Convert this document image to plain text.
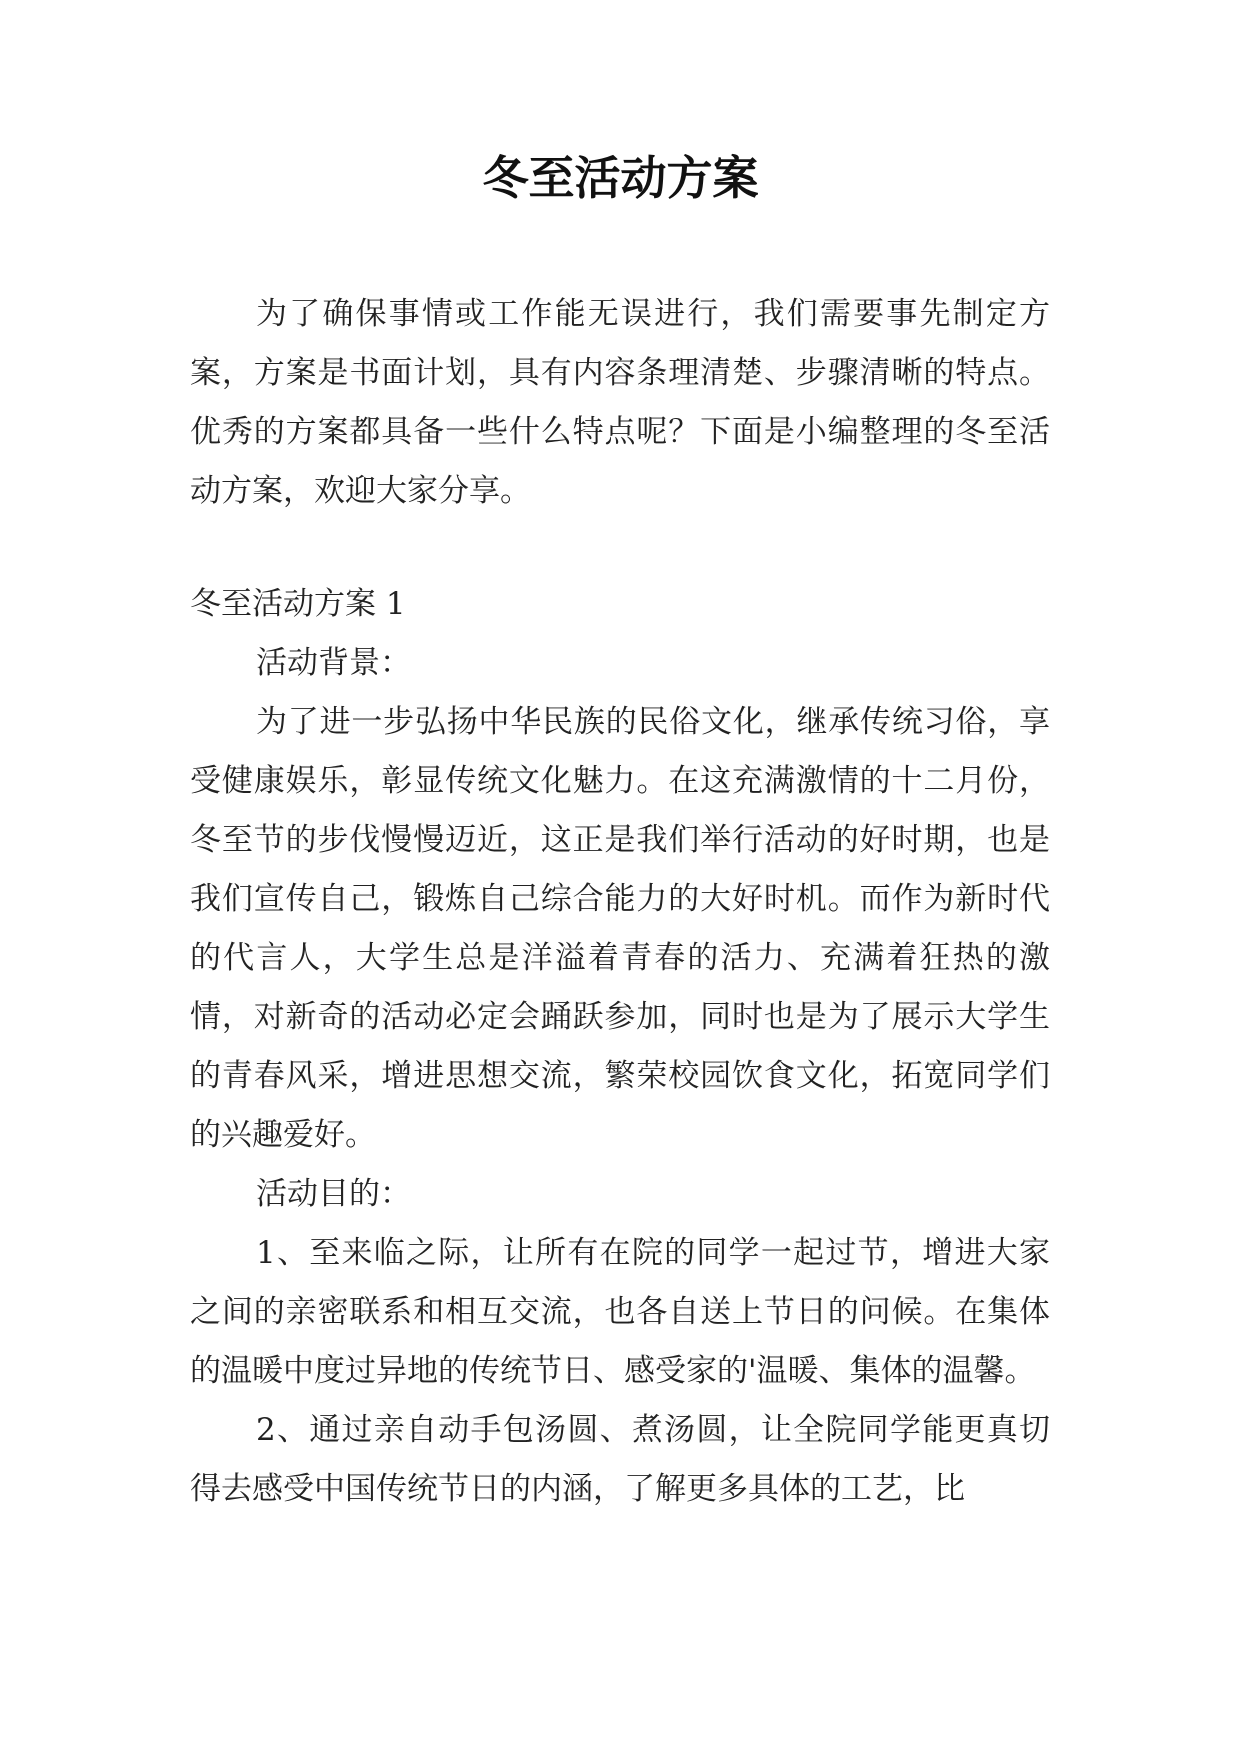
冬至活动方案

为了确保事情或工作能无误进行，我们需要事先制定方案，方案是书面计划，具有内容条理清楚、步骤清晰的特点。优秀的方案都具备一些什么特点呢？下面是小编整理的冬至活动方案，欢迎大家分享。

冬至活动方案 1

活动背景：

为了进一步弘扬中华民族的民俗文化，继承传统习俗，享受健康娱乐，彰显传统文化魅力。在这充满激情的十二月份，冬至节的步伐慢慢迈近，这正是我们举行活动的好时期，也是我们宣传自己，锻炼自己综合能力的大好时机。而作为新时代的代言人，大学生总是洋溢着青春的活力、充满着狂热的激情，对新奇的活动必定会踊跃参加，同时也是为了展示大学生的青春风采，增进思想交流，繁荣校园饮食文化，拓宽同学们的兴趣爱好。

活动目的：

1、至来临之际，让所有在院的同学一起过节，增进大家之间的亲密联系和相互交流，也各自送上节日的问候。在集体的温暖中度过异地的传统节日、感受家的'温暖、集体的温馨。

2、通过亲自动手包汤圆、煮汤圆，让全院同学能更真切得去感受中国传统节日的内涵，了解更多具体的工艺，比
